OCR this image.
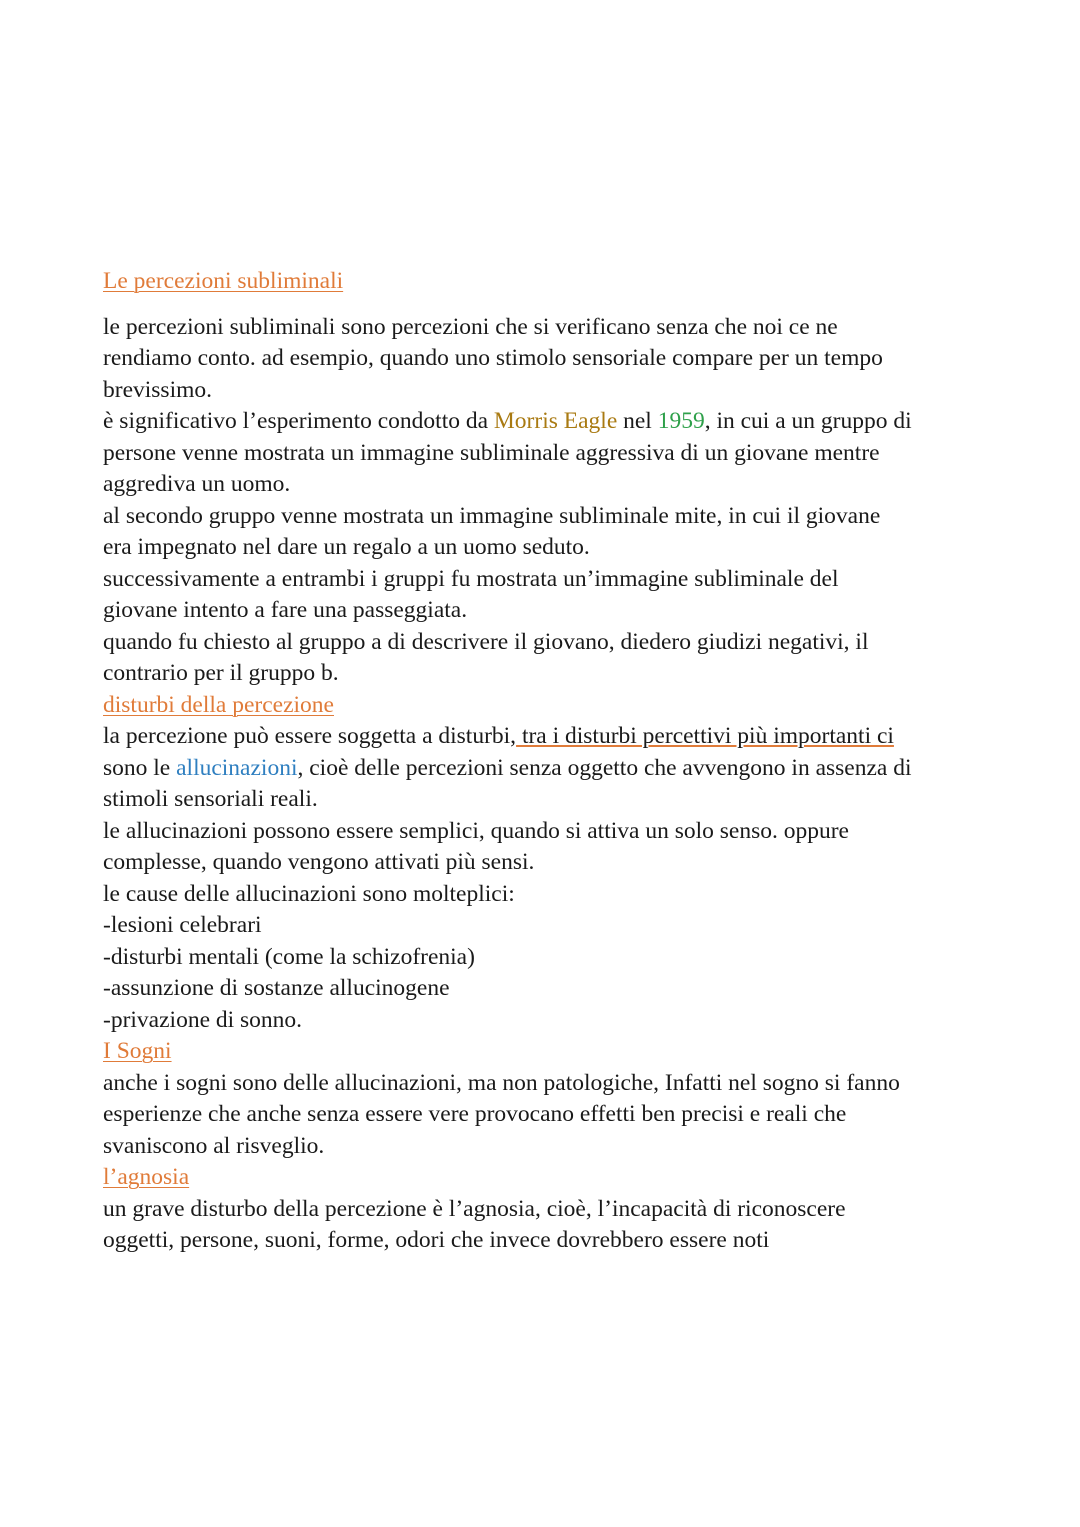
Le percezioni subliminali
le percezioni subliminali sono percezioni che si verificano senza che noi ce ne
rendiamo conto. ad esempio, quando uno stimolo sensoriale compare per un tempo
brevissimo.
è significativo l’esperimento condotto da Morris Eagle nel 1959, in cui a un gruppo di
persone venne mostrata un immagine subliminale aggressiva di un giovane mentre
aggrediva un uomo.
al secondo gruppo venne mostrata un immagine subliminale mite, in cui il giovane
era impegnato nel dare un regalo a un uomo seduto.
successivamente a entrambi i gruppi fu mostrata un’immagine subliminale del
giovane intento a fare una passeggiata.
quando fu chiesto al gruppo a di descrivere il giovano, diedero giudizi negativi, il
contrario per il gruppo b.
disturbi della percezione
la percezione può essere soggetta a disturbi, tra i disturbi percettivi più importanti ci
sono le allucinazioni, cioè delle percezioni senza oggetto che avvengono in assenza di
stimoli sensoriali reali.
le allucinazioni possono essere semplici, quando si attiva un solo senso. oppure
complesse, quando vengono attivati più sensi.
le cause delle allucinazioni sono molteplici:
-lesioni celebrari
-disturbi mentali (come la schizofrenia)
-assunzione di sostanze allucinogene
-privazione di sonno.
I Sogni
anche i sogni sono delle allucinazioni, ma non patologiche, Infatti nel sogno si fanno
esperienze che anche senza essere vere provocano effetti ben precisi e reali che
svaniscono al risveglio.
l’agnosia
un grave disturbo della percezione è l’agnosia, cioè, l’incapacità di riconoscere
oggetti, persone, suoni, forme, odori che invece dovrebbero essere noti
